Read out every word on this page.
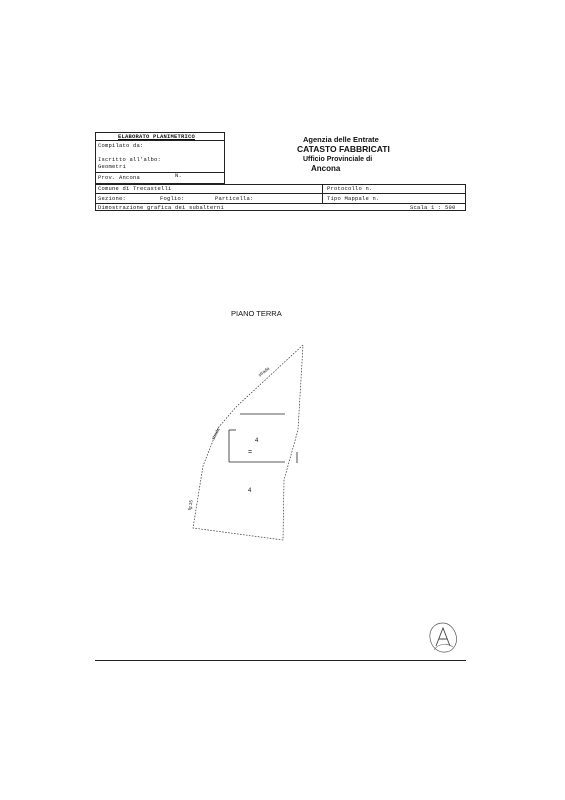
ELABORATO PLANIMETRICO
Compilato da:
Iscritto all'albo:
Geometri
Prov. Ancona	N.
Agenzia delle Entrate
CATASTO FABBRICATI
Ufficio Provinciale di
Ancona
Comune di Trecastelli	Protocollo n.
Sezione:	Foglio:	Particella:	Tipo Mappale n.
Dimostrazione grafica dei subalterni	Scala 1 : 500
PIANO TERRA
4
=
4
strada
strada
fg.15
